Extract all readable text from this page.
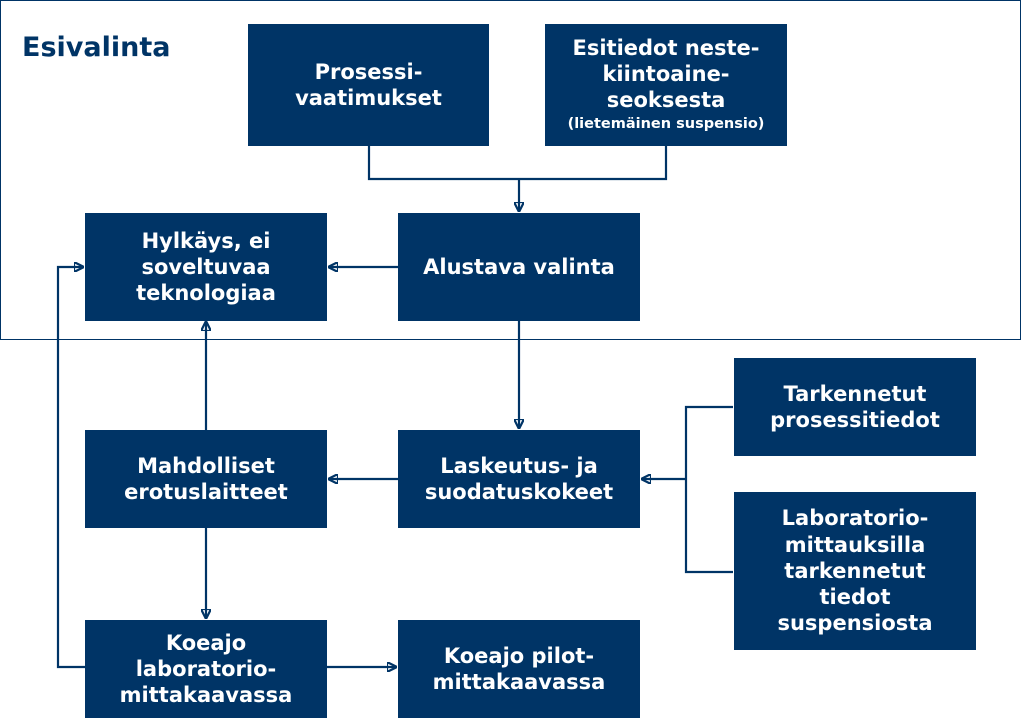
Esivalinta
Prosessi-
vaatimukset
Esitiedot neste-
kiintoaine-
seoksesta
(lietemäinen suspensio)
Hylkäys, ei
soveltuvaa
teknologiaa
Alustava valinta
Laskeutus- ja
suodatuskokeet
Mahdolliset
erotuslaitteet
Tarkennetut
prosessitiedot
Laboratorio-
mittauksilla
tarkennetut
tiedot
suspensiosta
Koeajo
laboratorio-
mittakaavassa
Koeajo pilot-
mittakaavassa
